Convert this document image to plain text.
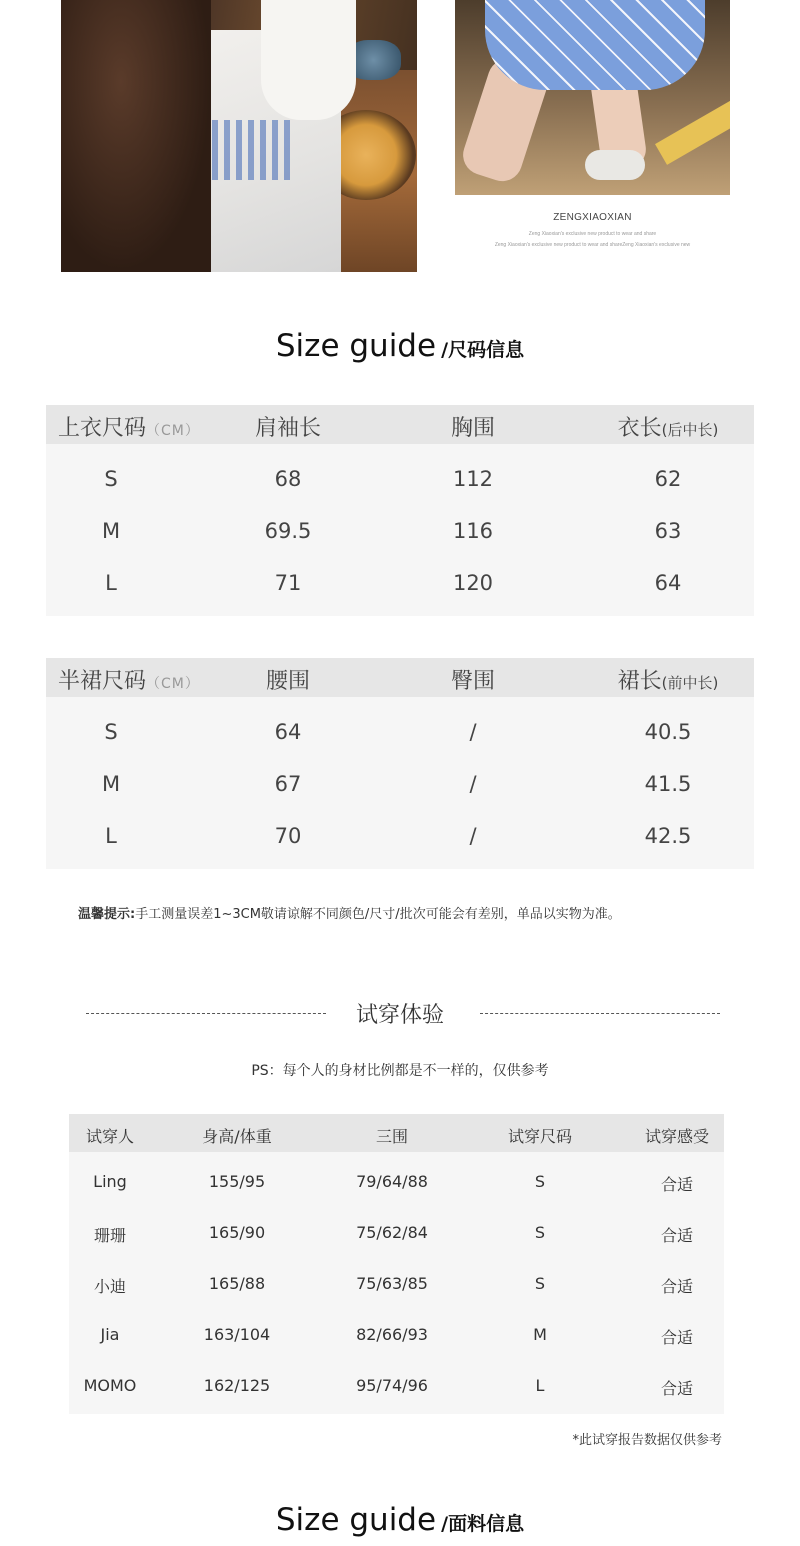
ZENGXIAOXIAN
Zeng Xiaoxian's exclusive new product to wear and share
Zeng Xiaoxian's exclusive new product to wear and shareZeng Xiaoxian's exclusive new
Size guide /尺码信息
上衣尺码（CM）	肩袖长	胸围	衣长(后中长)
S	68	112	62
M	69.5	116	63
L	71	120	64
半裙尺码（CM）	腰围	臀围	裙长(前中长)
S	64	/	40.5
M	67	/	41.5
L	70	/	42.5
温馨提示:手工测量误差1~3CM敬请谅解不同颜色/尺寸/批次可能会有差别，单品以实物为准。
试穿体验
PS：每个人的身材比例都是不一样的，仅供参考
试穿人	身高/体重	三围	试穿尺码	试穿感受
Ling	155/95	79/64/88	S	合适
珊珊	165/90	75/62/84	S	合适
小迪	165/88	75/63/85	S	合适
Jia	163/104	82/66/93	M	合适
MOMO	162/125	95/74/96	L	合适
*此试穿报告数据仅供参考
Size guide /面料信息
